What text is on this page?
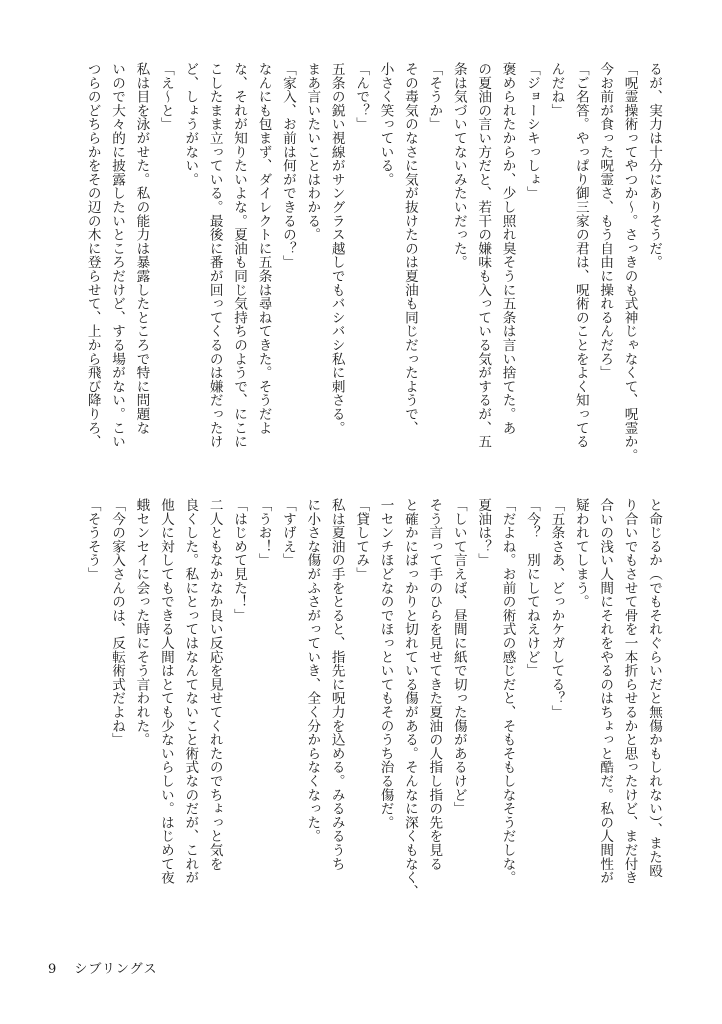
るが、実力は十分にありそうだ。
「呪霊操術ってやつか〜。さっきのも式神じゃなくて、呪霊か。
今お前が食った呪霊さ、もう自由に操れるんだろ」
「ご名答。やっぱり御三家の君は、呪術のことをよく知ってる
んだね」
「ジョーシキっしょ」
褒められたからか、少し照れ臭そうに五条は言い捨てた。あ
の夏油の言い方だと、若干の嫌味も入っている気がするが、五
条は気づいてないみたいだった。
「そうか」
その毒気のなさに気が抜けたのは夏油も同じだったようで、
小さく笑っている。
「んで？」
五条の鋭い視線がサングラス越しでもバシバシ私に刺さる。
まあ言いたいことはわかる。
「家入、お前は何ができるの？」
なんにも包まず、ダイレクトに五条は尋ねてきた。そうだよ
な、それが知りたいよな。夏油も同じ気持ちのようで、にこに
こしたまま立っている。最後に番が回ってくるのは嫌だったけ
ど、しょうがない。
「え〜と」
私は目を泳がせた。私の能力は暴露したところで特に問題な
いので大々的に披露したいところだけど、する場がない。こい
つらのどちらかをその辺の木に登らせて、上から飛び降りろ、
と命じるか（でもそれぐらいだと無傷かもしれない）、また殴
り合いでもさせて骨を一本折らせるかと思ったけど、まだ付き
合いの浅い人間にそれをやるのはちょっと酷だ。私の人間性が
疑われてしまう。
「五条さあ、どっかケガしてる？」
「今？　別にしてねえけど」
「だよね。お前の術式の感じだと、そもそもしなそうだしな。
夏油は？」
「しいて言えば、昼間に紙で切った傷があるけど」
そう言って手のひらを見せてきた夏油の人指し指の先を見る
と確かにぱっかりと切れている傷がある。そんなに深くもなく、
一センチほどなのでほっといてもそのうち治る傷だ。
「貸してみ」
私は夏油の手をとると、指先に呪力を込める。みるみるうち
に小さな傷がふさがっていき、全く分からなくなった。
「すげえ」
「うお！」
「はじめて見た！」
二人ともなかなか良い反応を見せてくれたのでちょっと気を
良くした。私にとってはなんてないこと術式なのだが、これが
他人に対してもできる人間はとても少ないらしい。はじめて夜
蛾センセイに会った時にそう言われた。
「今の家入さんのは、反転術式だよね」
「そうそう」
9 シブリングス
